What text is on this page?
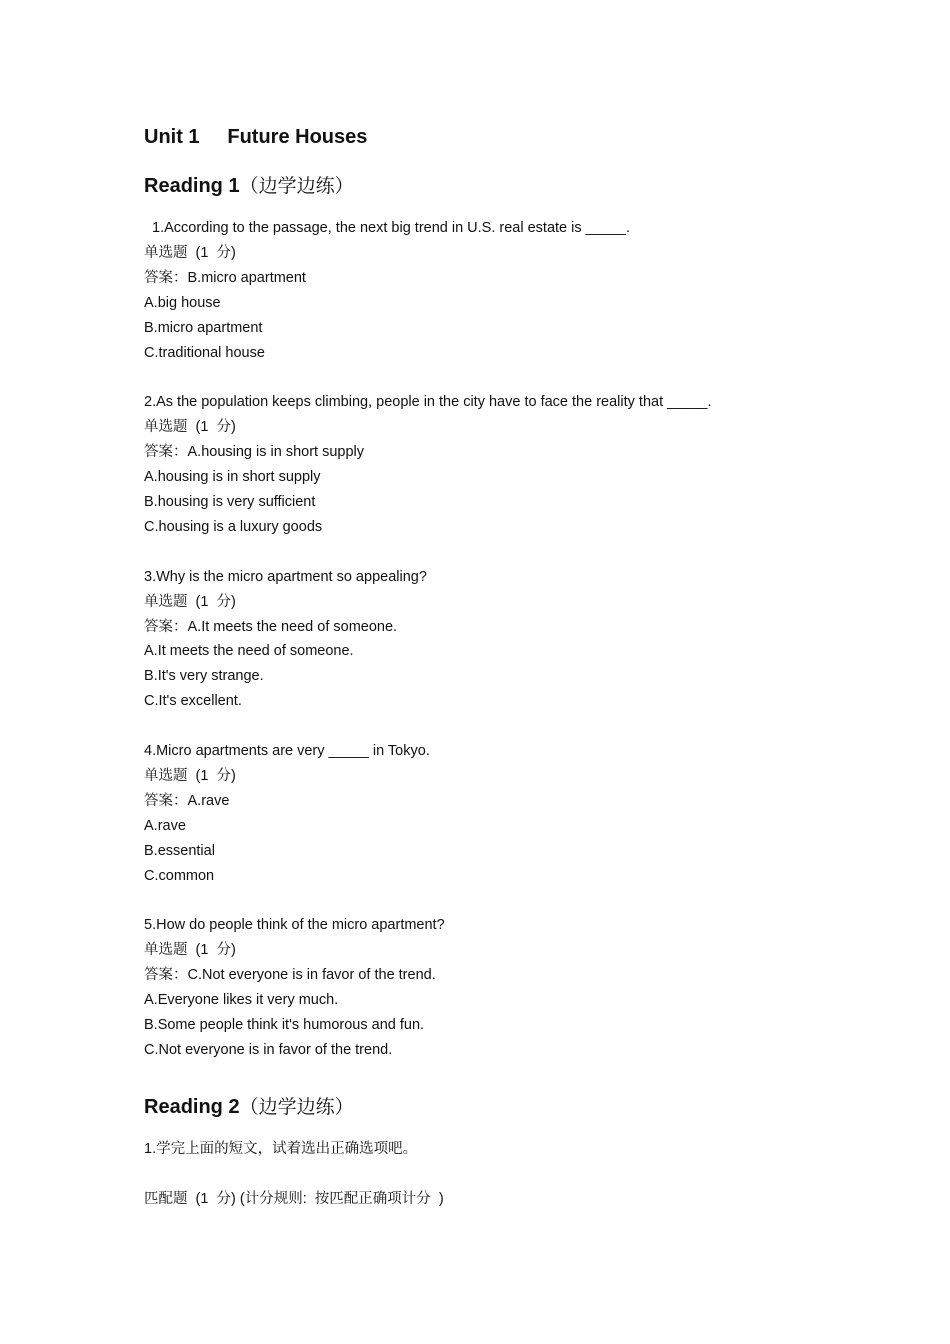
Unit 1 Future Houses
Reading 1（边学边练）
1.According to the passage, the next big trend in U.S. real estate is _____.
单选题  (1  分)
答案：B.micro apartment
A.big house
B.micro apartment
C.traditional house
2.As the population keeps climbing, people in the city have to face the reality that _____.
单选题  (1  分)
答案：A.housing is in short supply
A.housing is in short supply
B.housing is very sufficient
C.housing is a luxury goods
3.Why is the micro apartment so appealing?
单选题  (1  分)
答案：A.It meets the need of someone.
A.It meets the need of someone.
B.It's very strange.
C.It's excellent.
4.Micro apartments are very _____ in Tokyo.
单选题  (1  分)
答案：A.rave
A.rave
B.essential
C.common
5.How do people think of the micro apartment?
单选题  (1  分)
答案：C.Not everyone is in favor of the trend.
A.Everyone likes it very much.
B.Some people think it's humorous and fun.
C.Not everyone is in favor of the trend.
Reading 2（边学边练）
1.学完上面的短文，试着选出正确选项吧。
匹配题  (1  分) (计分规则:  按匹配正确项计分  )
